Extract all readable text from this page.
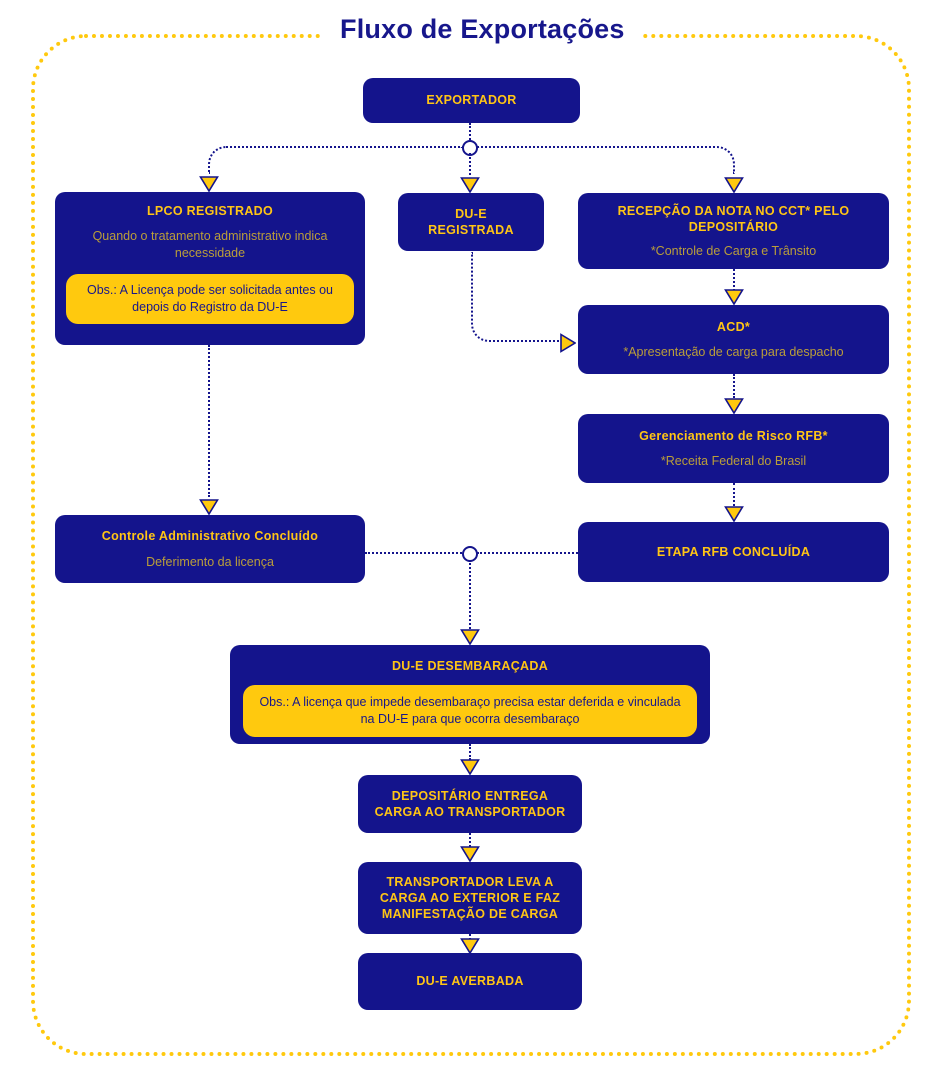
Fluxo de Exportações
EXPORTADOR
LPCO REGISTRADO
Quando o tratamento administrativo indica necessidade
Obs.: A Licença pode ser solicitada antes ou depois do Registro da DU-E
DU-E REGISTRADA
RECEPÇÃO DA NOTA NO CCT* PELO DEPOSITÁRIO
*Controle de Carga e Trânsito
ACD*
*Apresentação de carga para despacho
Gerenciamento de Risco RFB*
*Receita Federal do Brasil
Controle Administrativo Concluído
Deferimento da licença
ETAPA RFB CONCLUÍDA
DU-E DESEMBARAÇADA
Obs.: A licença que impede desembaraço precisa estar deferida e vinculada na DU-E para que ocorra desembaraço
DEPOSITÁRIO ENTREGA CARGA AO TRANSPORTADOR
TRANSPORTADOR LEVA A CARGA AO EXTERIOR E FAZ MANIFESTAÇÃO DE CARGA
DU-E AVERBADA
